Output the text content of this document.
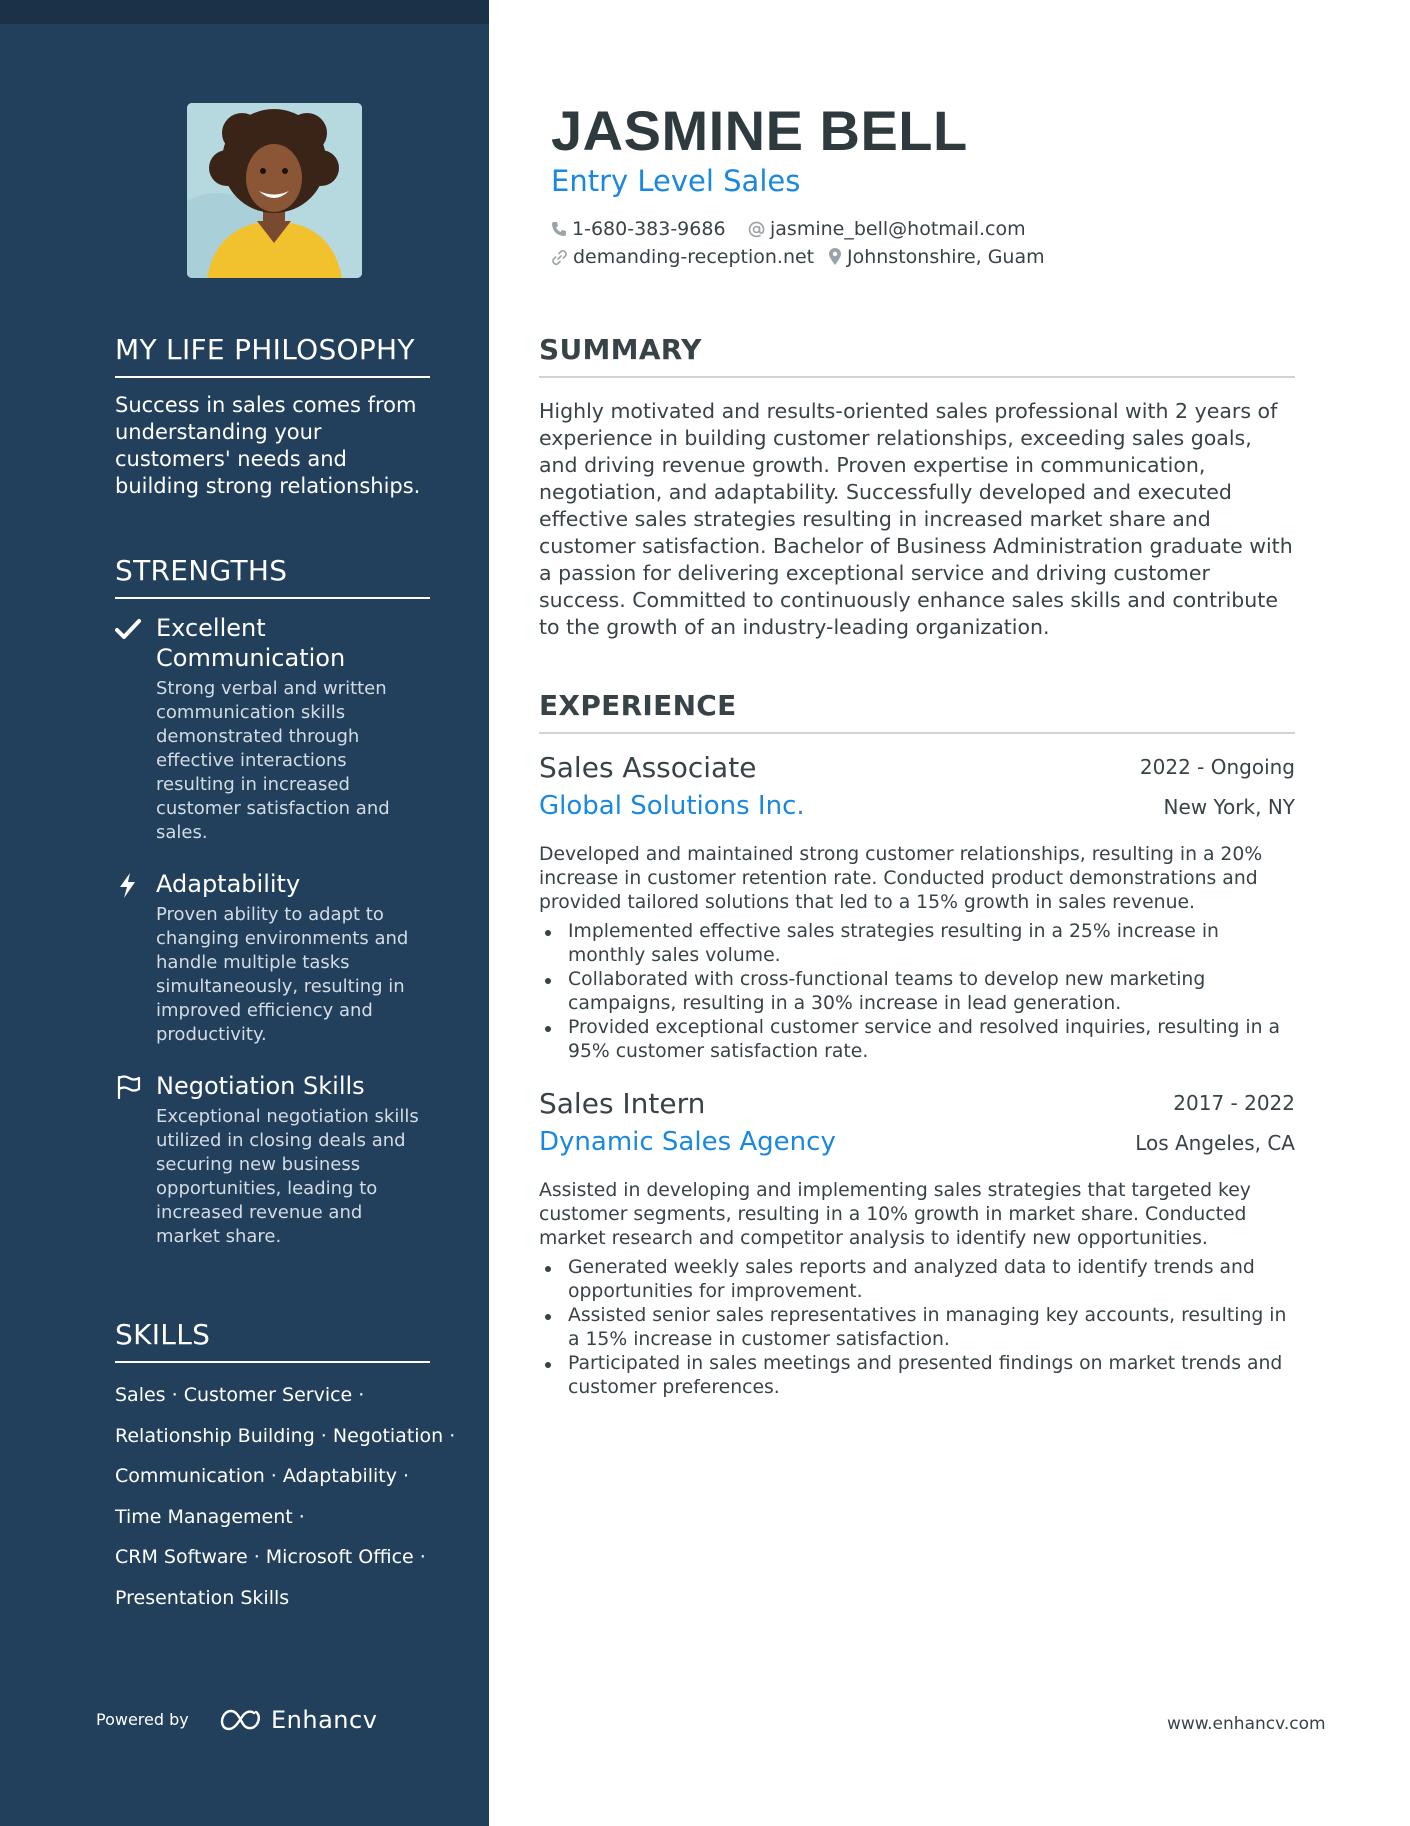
MY LIFE PHILOSOPHY

Success in sales comes from understanding your customers' needs and building strong relationships.

STRENGTHS
Excellent Communication
Strong verbal and written communication skills demonstrated through effective interactions resulting in increased customer satisfaction and sales.
Adaptability
Proven ability to adapt to changing environments and handle multiple tasks simultaneously, resulting in improved efficiency and productivity.
Negotiation Skills
Exceptional negotiation skills utilized in closing deals and securing new business opportunities, leading to increased revenue and market share.
SKILLS
Sales · Customer Service ·
Relationship Building · Negotiation ·
Communication · Adaptability ·
Time Management ·
CRM Software · Microsoft Office ·
Presentation Skills
Powered by	Enhancv
JASMINE BELL
Entry Level Sales
1-680-383-9686 jasmine_bell@hotmail.com
demanding-reception.net Johnstonshire, Guam
SUMMARY

Highly motivated and results-oriented sales professional with 2 years of experience in building customer relationships, exceeding sales goals, and driving revenue growth. Proven expertise in communication, negotiation, and adaptability. Successfully developed and executed effective sales strategies resulting in increased market share and customer satisfaction. Bachelor of Business Administration graduate with a passion for delivering exceptional service and driving customer success. Committed to continuously enhance sales skills and contribute to the growth of an industry-leading organization.

EXPERIENCE
Sales Associate	2022 - Ongoing
Global Solutions Inc.	New York, NY

Developed and maintained strong customer relationships, resulting in a 20% increase in customer retention rate. Conducted product demonstrations and provided tailored solutions that led to a 15% growth in sales revenue.

Implemented effective sales strategies resulting in a 25% increase in monthly sales volume.
Collaborated with cross-functional teams to develop new marketing campaigns, resulting in a 30% increase in lead generation.
Provided exceptional customer service and resolved inquiries, resulting in a 95% customer satisfaction rate.
Sales Intern	2017 - 2022
Dynamic Sales Agency	Los Angeles, CA

Assisted in developing and implementing sales strategies that targeted key customer segments, resulting in a 10% growth in market share. Conducted market research and competitor analysis to identify new opportunities.

Generated weekly sales reports and analyzed data to identify trends and opportunities for improvement.
Assisted senior sales representatives in managing key accounts, resulting in a 15% increase in customer satisfaction.
Participated in sales meetings and presented findings on market trends and customer preferences.
www.enhancv.com
